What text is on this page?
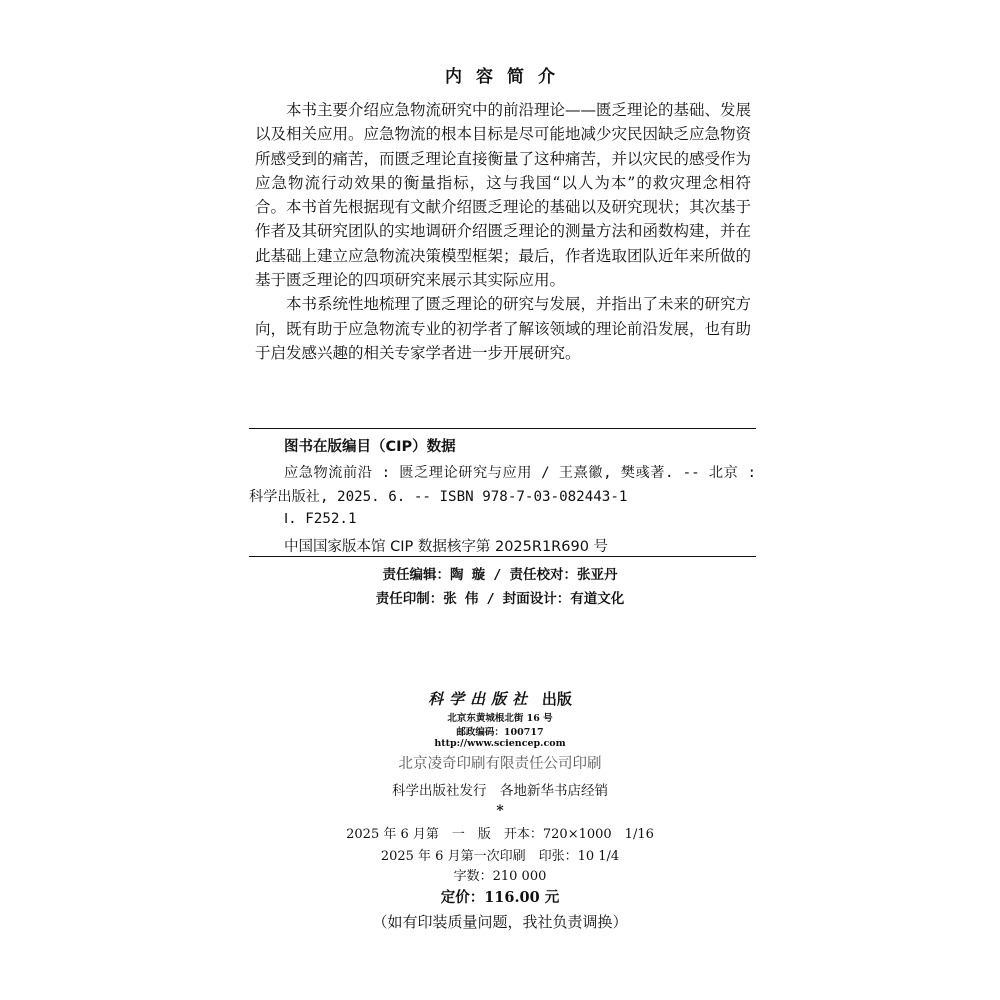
内容简介

本书主要介绍应急物流研究中的前沿理论——匮乏理论的基础、发展以及相关应用。应急物流的根本目标是尽可能地减少灾民因缺乏应急物资所感受到的痛苦，而匮乏理论直接衡量了这种痛苦，并以灾民的感受作为应急物流行动效果的衡量指标，这与我国“以人为本”的救灾理念相符合。本书首先根据现有文献介绍匮乏理论的基础以及研究现状；其次基于作者及其研究团队的实地调研介绍匮乏理论的测量方法和函数构建，并在此基础上建立应急物流决策模型框架；最后，作者选取团队近年来所做的基于匮乏理论的四项研究来展示其实际应用。

本书系统性地梳理了匮乏理论的研究与发展，并指出了未来的研究方向，既有助于应急物流专业的初学者了解该领域的理论前沿发展，也有助于启发感兴趣的相关专家学者进一步开展研究。

图书在版编目（CIP）数据
应急物流前沿 : 匮乏理论研究与应用 / 王熹徽, 樊彧著. -- 北京 : 科学出版社, 2025. 6. -- ISBN 978-7-03-082443-1
Ⅰ. F252.1
中国国家版本馆 CIP 数据核字第 2025R1R690 号
责任编辑：陶 璇 / 责任校对：张亚丹
责任印制：张 伟 / 封面设计：有道文化
科学出版社 出版
北京东黄城根北街 16 号
邮政编码：100717
http://www.sciencep.com
北京凌奇印刷有限责任公司印刷
科学出版社发行　各地新华书店经销
*
2025 年 6 月第　一　版　开本：720×1000　1/16
2025 年 6 月第一次印刷　印张：10 1/4
字数：210 000
定价：116.00 元
（如有印装质量问题，我社负责调换）
